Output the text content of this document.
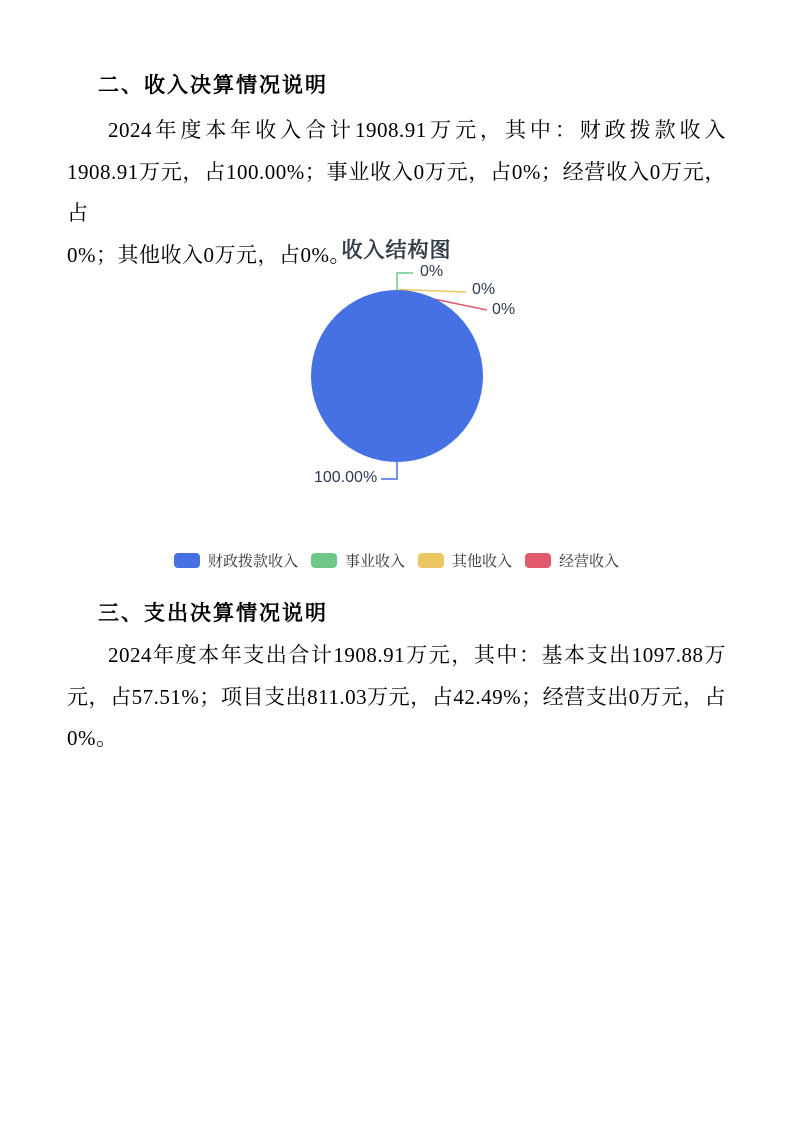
二、收入决算情况说明
2024年度本年收入合计1908.91万元，其中：财政拨款收入
1908.91万元，占100.00%；事业收入0万元，占0%；经营收入0万元，占
0%；其他收入0万元，占0%。
收入结构图
0%
0%
0%
100.00%
财政拨款收入	事业收入	其他收入	经营收入
三、支出决算情况说明
2024年度本年支出合计1908.91万元，其中：基本支出1097.88万
元，占57.51%；项目支出811.03万元，占42.49%；经营支出0万元，占
0%。
